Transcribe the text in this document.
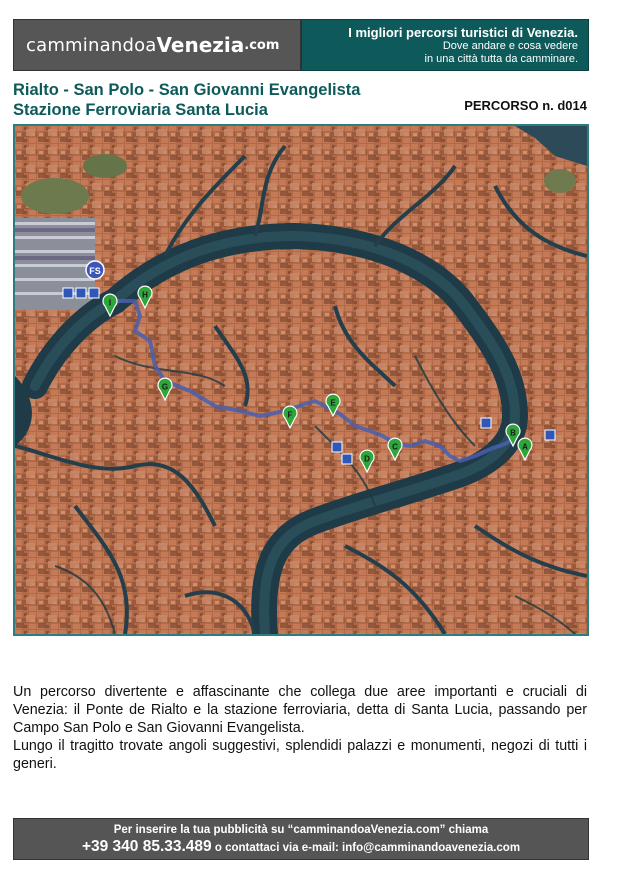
camminandoa Venezia .com
I migliori percorsi turistici di Venezia.
Dove andare e cosa vedere
in una città tutta da camminare.
Rialto - San Polo - San Giovanni Evangelista
Stazione Ferroviaria Santa Lucia	PERCORSO n. d014
FS
A
B
C
D
E
F
G
H
I

Un percorso divertente e affascinante che collega due aree importanti e cruciali di Venezia: il Ponte de Rialto e la stazione ferroviaria, detta di Santa Lucia, passando per Campo San Polo e San Giovanni Evangelista.

Lungo il tragitto trovate angoli suggestivi, splendidi palazzi e monumenti, negozi di tutti i generi.

Per inserire la tua pubblicità su “camminandoaVenezia.com” chiama
+39 340 85.33.489 o contattaci via e-mail: info@camminandoavenezia.com
